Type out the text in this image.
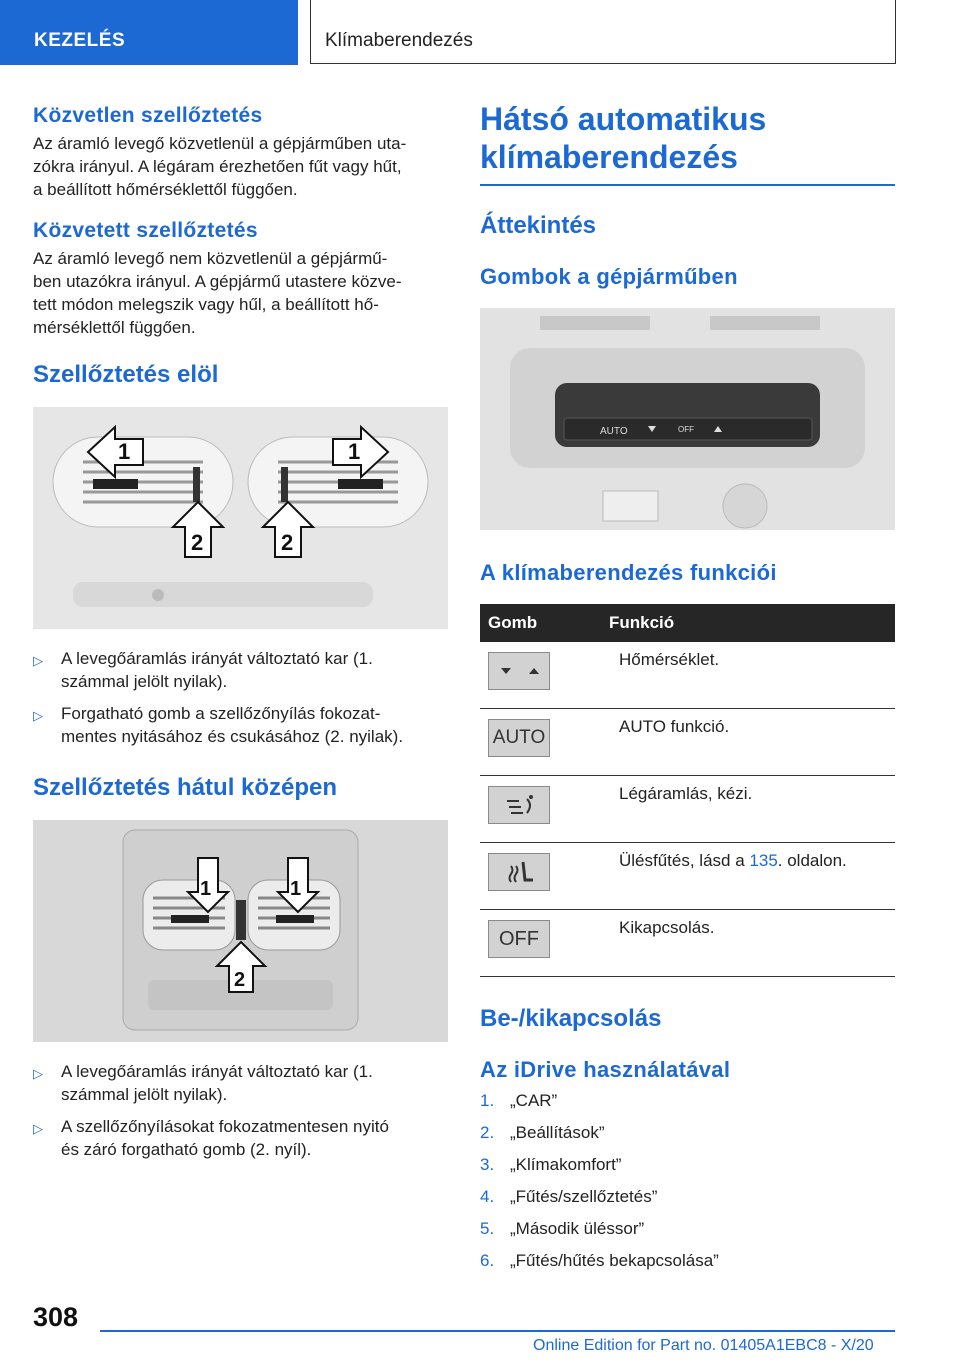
KEZELÉS	Klímaberendezés
Közvetlen szellőztetés

Az áramló levegő közvetlenül a gépjárműben uta-
zókra irányul. A légáram érezhetően fűt vagy hűt,
a beállított hőmérséklettől függően.

Közvetett szellőztetés

Az áramló levegő nem közvetlenül a gépjármű-
ben utazókra irányul. A gépjármű utastere közve-
tett módon melegszik vagy hűl, a beállított hő-
mérséklettől függően.

Szellőztetés elöl
1	1
2	2
▷ A levegőáramlás irányát változtató kar (1.
számmal jelölt nyilak).
▷ Forgatható gomb a szellőzőnyílás fokozat-
mentes nyitásához és csukásához (2. nyilak).
Szellőztetés hátul középen
1	1
2
▷ A levegőáramlás irányát változtató kar (1.
számmal jelölt nyilak).
▷ A szellőzőnyílásokat fokozatmentesen nyitó
és záró forgatható gomb (2. nyíl).
Hátsó automatikus
klímaberendezés
Áttekintés
Gombok a gépjárműben
AUTO	OFF
A klímaberendezés funkciói
Gomb	Funkció

	Hőmérséklet.

AUTO	AUTO funkció.

	Légáramlás, kézi.

	Ülésfűtés, lásd a 135. oldalon.

OFF	Kikapcsolás.
Be-/kikapcsolás
Az iDrive használatával
1. „CAR”
2. „Beállítások”
3. „Klímakomfort”
4. „Fűtés/szellőztetés”
5. „Második üléssor”
6. „Fűtés/hűtés bekapcsolása”
308
Online Edition for Part no. 01405A1EBC8 - X/20
